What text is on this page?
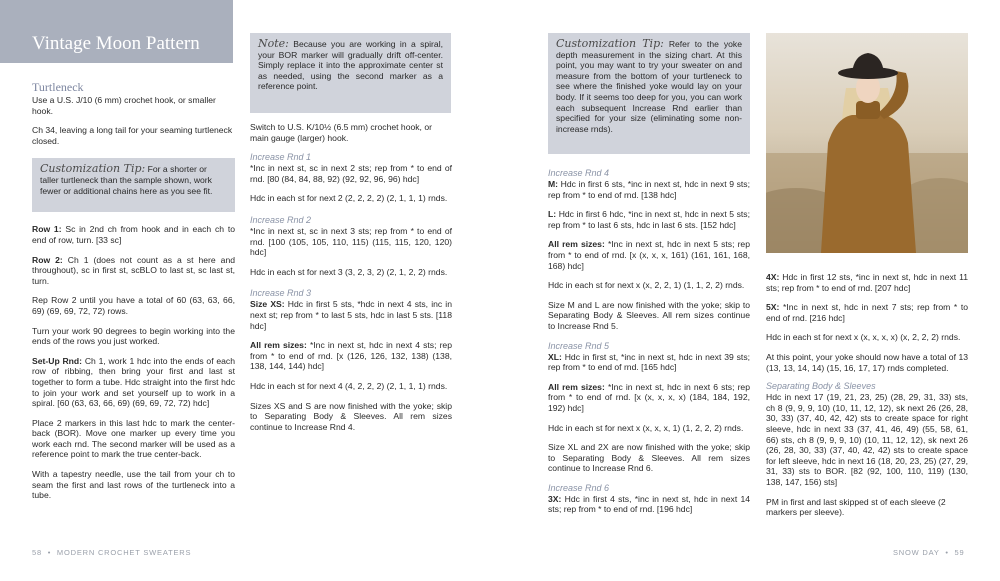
Vintage Moon Pattern
Turtleneck

Use a U.S. J/10 (6 mm) crochet hook, or smaller hook.

Ch 34, leaving a long tail for your seaming turtleneck closed.

Customization Tip: For a shorter or taller turtleneck than the sample shown, work fewer or additional chains here as you see fit.

Row 1: Sc in 2nd ch from hook and in each ch to end of row, turn. [33 sc]

Row 2: Ch 1 (does not count as a st here and throughout), sc in first st, scBLO to last st, sc last st, turn.

Rep Row 2 until you have a total of 60 (63, 63, 66, 69) (69, 69, 72, 72) rows.

Turn your work 90 degrees to begin working into the ends of the rows you just worked.

Set-Up Rnd: Ch 1, work 1 hdc into the ends of each row of ribbing, then bring your first and last st together to form a tube. Hdc straight into the first hdc to join your work and set yourself up to work in a spiral. [60 (63, 63, 66, 69) (69, 69, 72, 72) hdc]

Place 2 markers in this last hdc to mark the center-back (BOR). Move one marker up every time you work each rnd. The second marker will be used as a reference point to mark the true center-back.

With a tapestry needle, use the tail from your ch to seam the first and last rows of the turtleneck into a tube.

Note: Because you are working in a spiral, your BOR marker will gradually drift off-center. Simply replace it into the approximate center st as needed, using the second marker as a reference point.

Switch to U.S. K/10½ (6.5 mm) crochet hook, or main gauge (larger) hook.

Increase Rnd 1

*Inc in next st, sc in next 2 sts; rep from * to end of rnd. [80 (84, 84, 88, 92) (92, 92, 96, 96) hdc]

Hdc in each st for next 2 (2, 2, 2, 2) (2, 1, 1, 1) rnds.

Increase Rnd 2

*Inc in next st, sc in next 3 sts; rep from * to end of rnd. [100 (105, 105, 110, 115) (115, 115, 120, 120) hdc]

Hdc in each st for next 3 (3, 2, 3, 2) (2, 1, 2, 2) rnds.

Increase Rnd 3

Size XS: Hdc in first 5 sts, *hdc in next 4 sts, inc in next st; rep from * to last 5 sts, hdc in last 5 sts. [118 hdc]

All rem sizes: *Inc in next st, hdc in next 4 sts; rep from * to end of rnd. [x (126, 126, 132, 138) (138, 138, 144, 144) hdc]

Hdc in each st for next 4 (4, 2, 2, 2) (2, 1, 1, 1) rnds.

Sizes XS and S are now finished with the yoke; skip to Separating Body & Sleeves. All rem sizes continue to Increase Rnd 4.

58  •  MODERN CROCHET SWEATERS

Customization Tip: Refer to the yoke depth measurement in the sizing chart. At this point, you may want to try your sweater on and measure from the bottom of your turtleneck to see where the finished yoke would lay on your body. If it seems too deep for you, you can work each subsequent Increase Rnd earlier than specified for your size (eliminating some non-increase rnds).

Increase Rnd 4

M: Hdc in first 6 sts, *inc in next st, hdc in next 9 sts; rep from * to end of rnd. [138 hdc]

L: Hdc in first 6 hdc, *inc in next st, hdc in next 5 sts; rep from * to last 6 sts, hdc in last 6 sts. [152 hdc]

All rem sizes: *Inc in next st, hdc in next 5 sts; rep from * to end of rnd. [x (x, x, x, 161) (161, 161, 168, 168) hdc]

Hdc in each st for next x (x, 2, 2, 1) (1, 1, 2, 2) rnds.

Size M and L are now finished with the yoke; skip to Separating Body & Sleeves. All rem sizes continue to Increase Rnd 5.

Increase Rnd 5

XL: Hdc in first st, *inc in next st, hdc in next 39 sts; rep from * to end of rnd. [165 hdc]

All rem sizes: *Inc in next st, hdc in next 6 sts; rep from * to end of rnd. [x (x, x, x, x) (184, 184, 192, 192) hdc]

Hdc in each st for next x (x, x, x, 1) (1, 2, 2, 2) rnds.

Size XL and 2X are now finished with the yoke; skip to Separating Body & Sleeves. All rem sizes continue to Increase Rnd 6.

Increase Rnd 6

3X: Hdc in first 4 sts, *inc in next st, hdc in next 14 sts; rep from * to end of rnd. [196 hdc]

4X: Hdc in first 12 sts, *inc in next st, hdc in next 11 sts; rep from * to end of rnd. [207 hdc]

5X: *Inc in next st, hdc in next 7 sts; rep from * to end of rnd. [216 hdc]

Hdc in each st for next x (x, x, x, x) (x, 2, 2, 2) rnds.

At this point, your yoke should now have a total of 13 (13, 13, 14, 14) (15, 16, 17, 17) rnds completed.

Separating Body & Sleeves

Hdc in next 17 (19, 21, 23, 25) (28, 29, 31, 33) sts, ch 8 (9, 9, 9, 10) (10, 11, 12, 12), sk next 26 (26, 28, 30, 33) (37, 40, 42, 42) sts to create space for right sleeve, hdc in next 33 (37, 41, 46, 49) (55, 58, 61, 66) sts, ch 8 (9, 9, 9, 10) (10, 11, 12, 12), sk next 26 (26, 28, 30, 33) (37, 40, 42, 42) sts to create space for left sleeve, hdc in next 16 (18, 20, 23, 25) (27, 29, 31, 33) sts to BOR. [82 (92, 100, 110, 119) (130, 138, 147, 156) sts]

PM in first and last skipped st of each sleeve (2 markers per sleeve).

SNOW DAY  •  59
